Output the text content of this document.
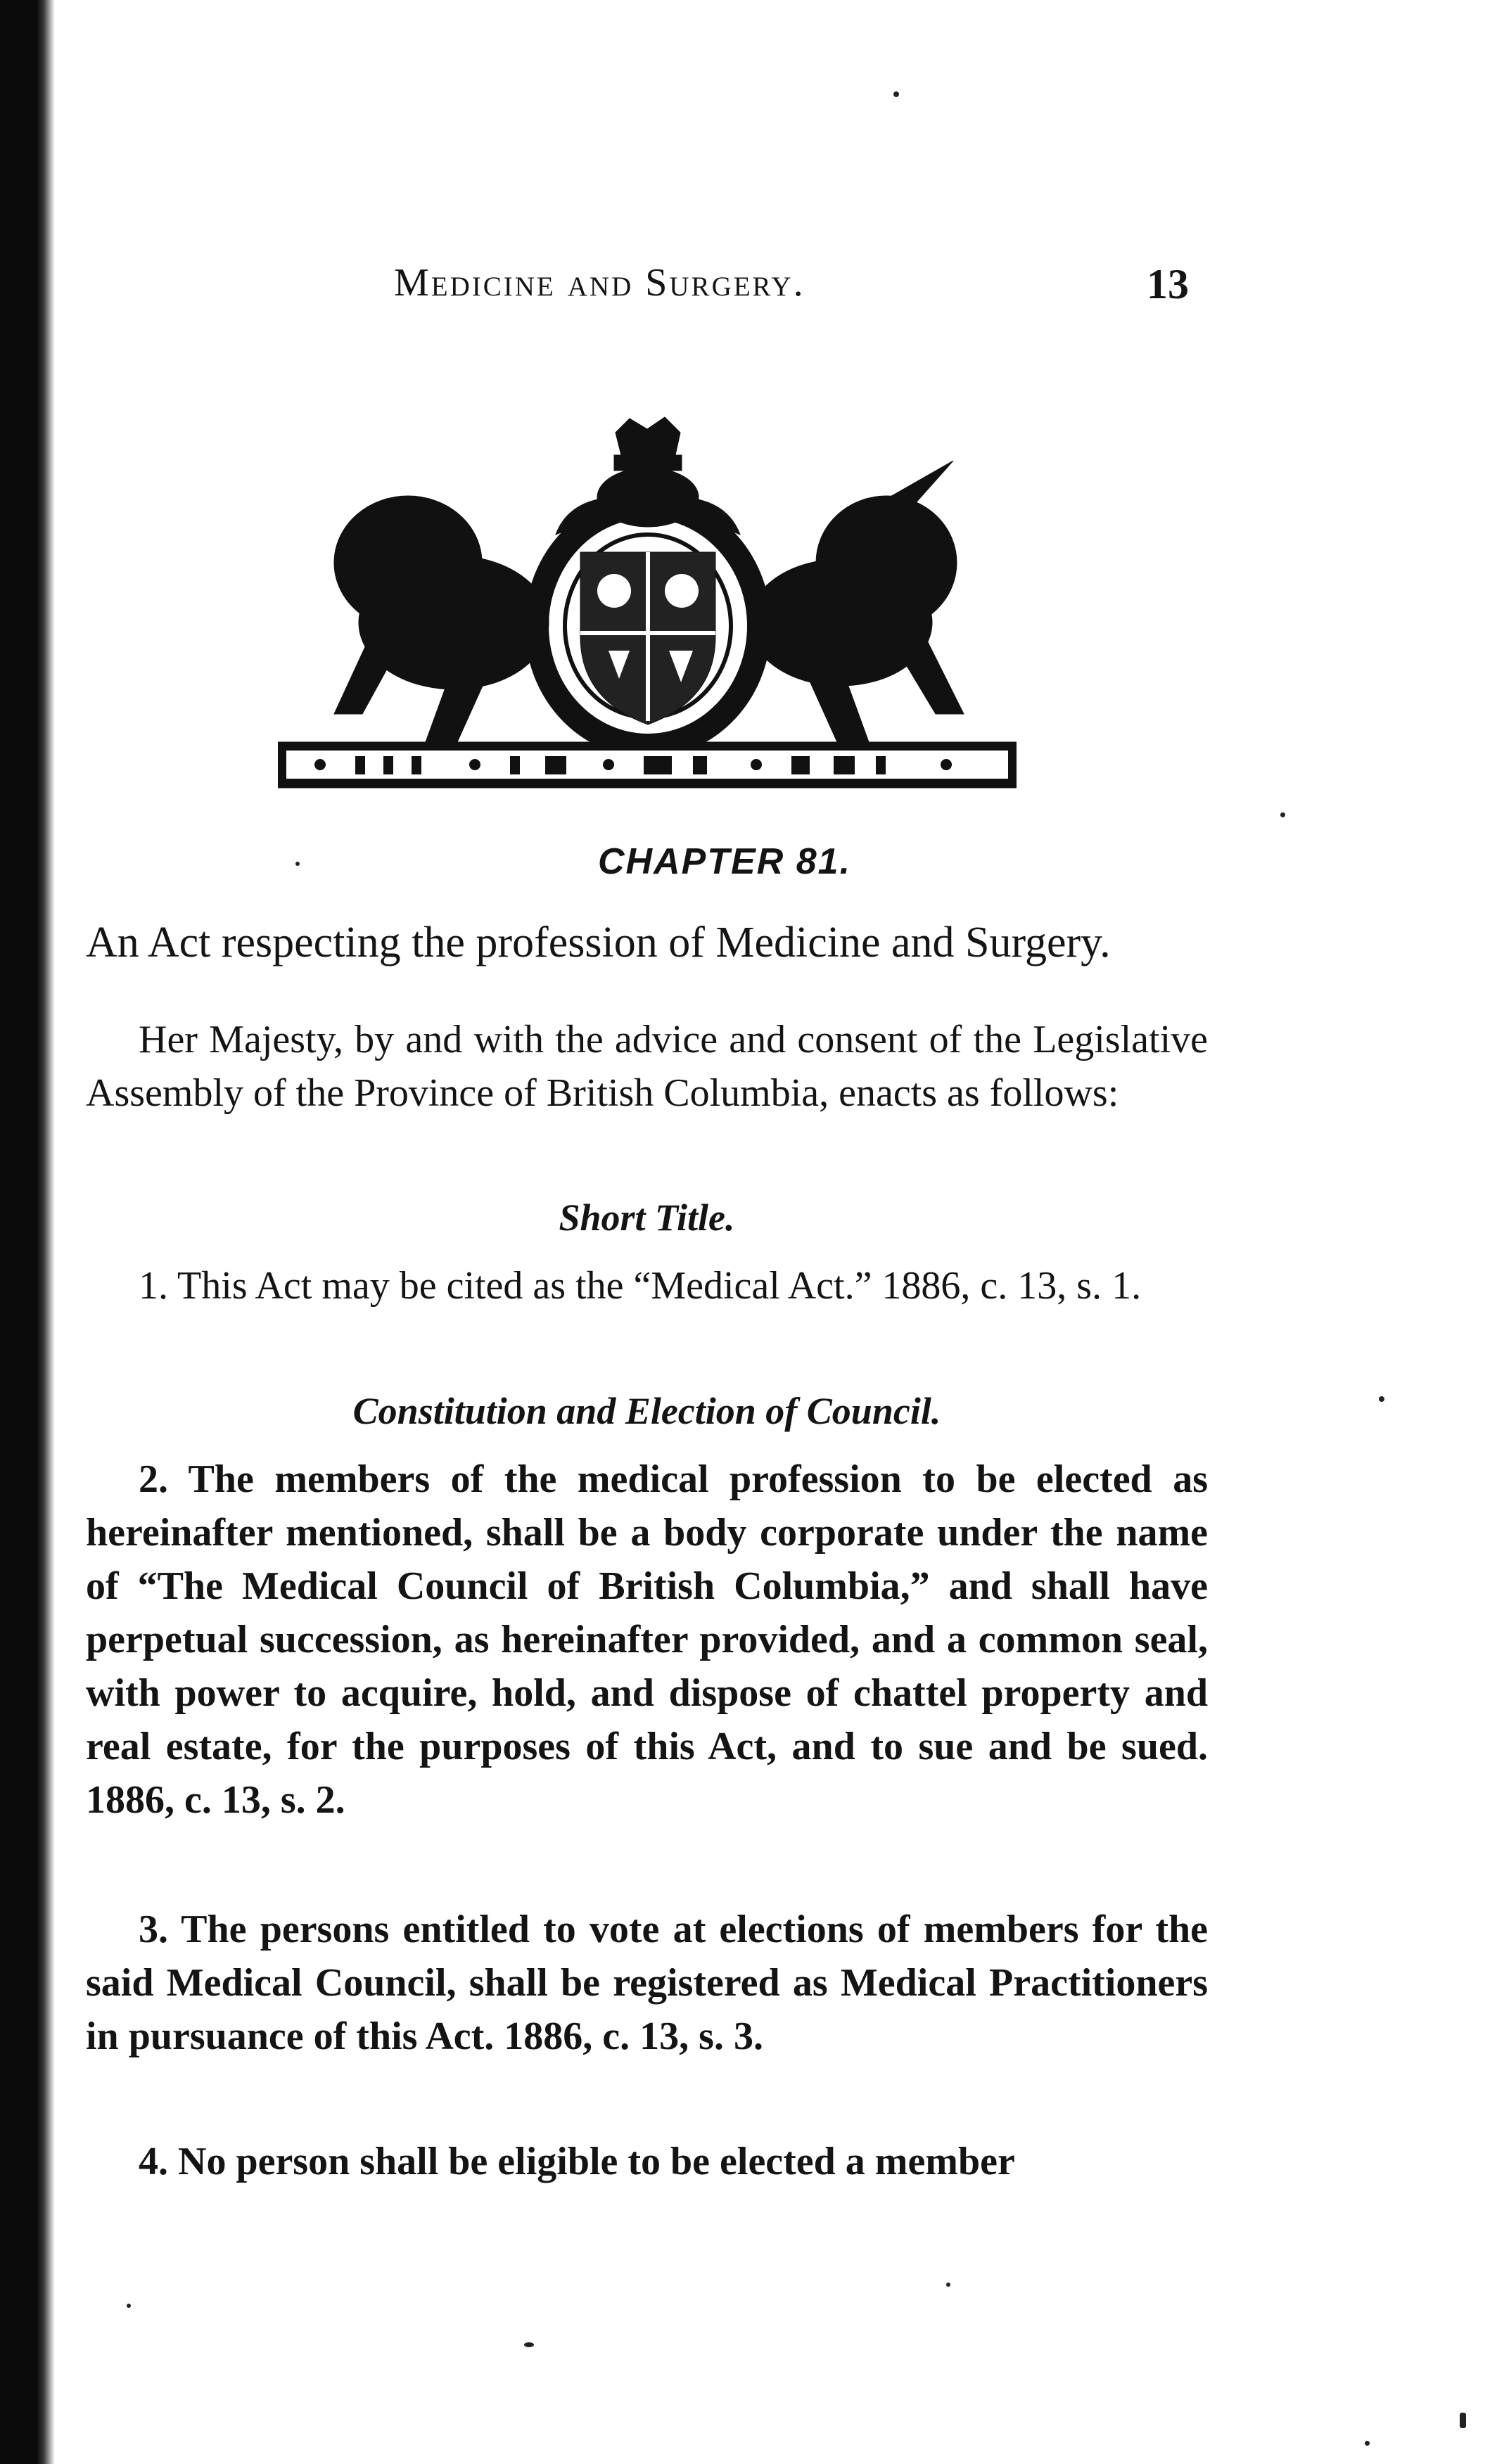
Medicine and Surgery.	13
CHAPTER 81.
An Act respecting the profession of Medicine and Surgery.

Her Majesty, by and with the advice and consent of the Legislative Assembly of the Province of British Columbia, enacts as follows:

Short Title.

1. This Act may be cited as the “Medical Act.” 1886, c. 13, s. 1.

Constitution and Election of Council.

2. The members of the medical profession to be elected as hereinafter mentioned, shall be a body corporate under the name of “The Medical Council of British Columbia,” and shall have perpetual succession, as hereinafter provided, and a common seal, with power to acquire, hold, and dispose of chattel property and real estate, for the purposes of this Act, and to sue and be sued. 1886, c. 13, s. 2.

3. The persons entitled to vote at elections of members for the said Medical Council, shall be registered as Medical Practitioners in pursuance of this Act. 1886, c. 13, s. 3.

4. No person shall be eligible to be elected a member
